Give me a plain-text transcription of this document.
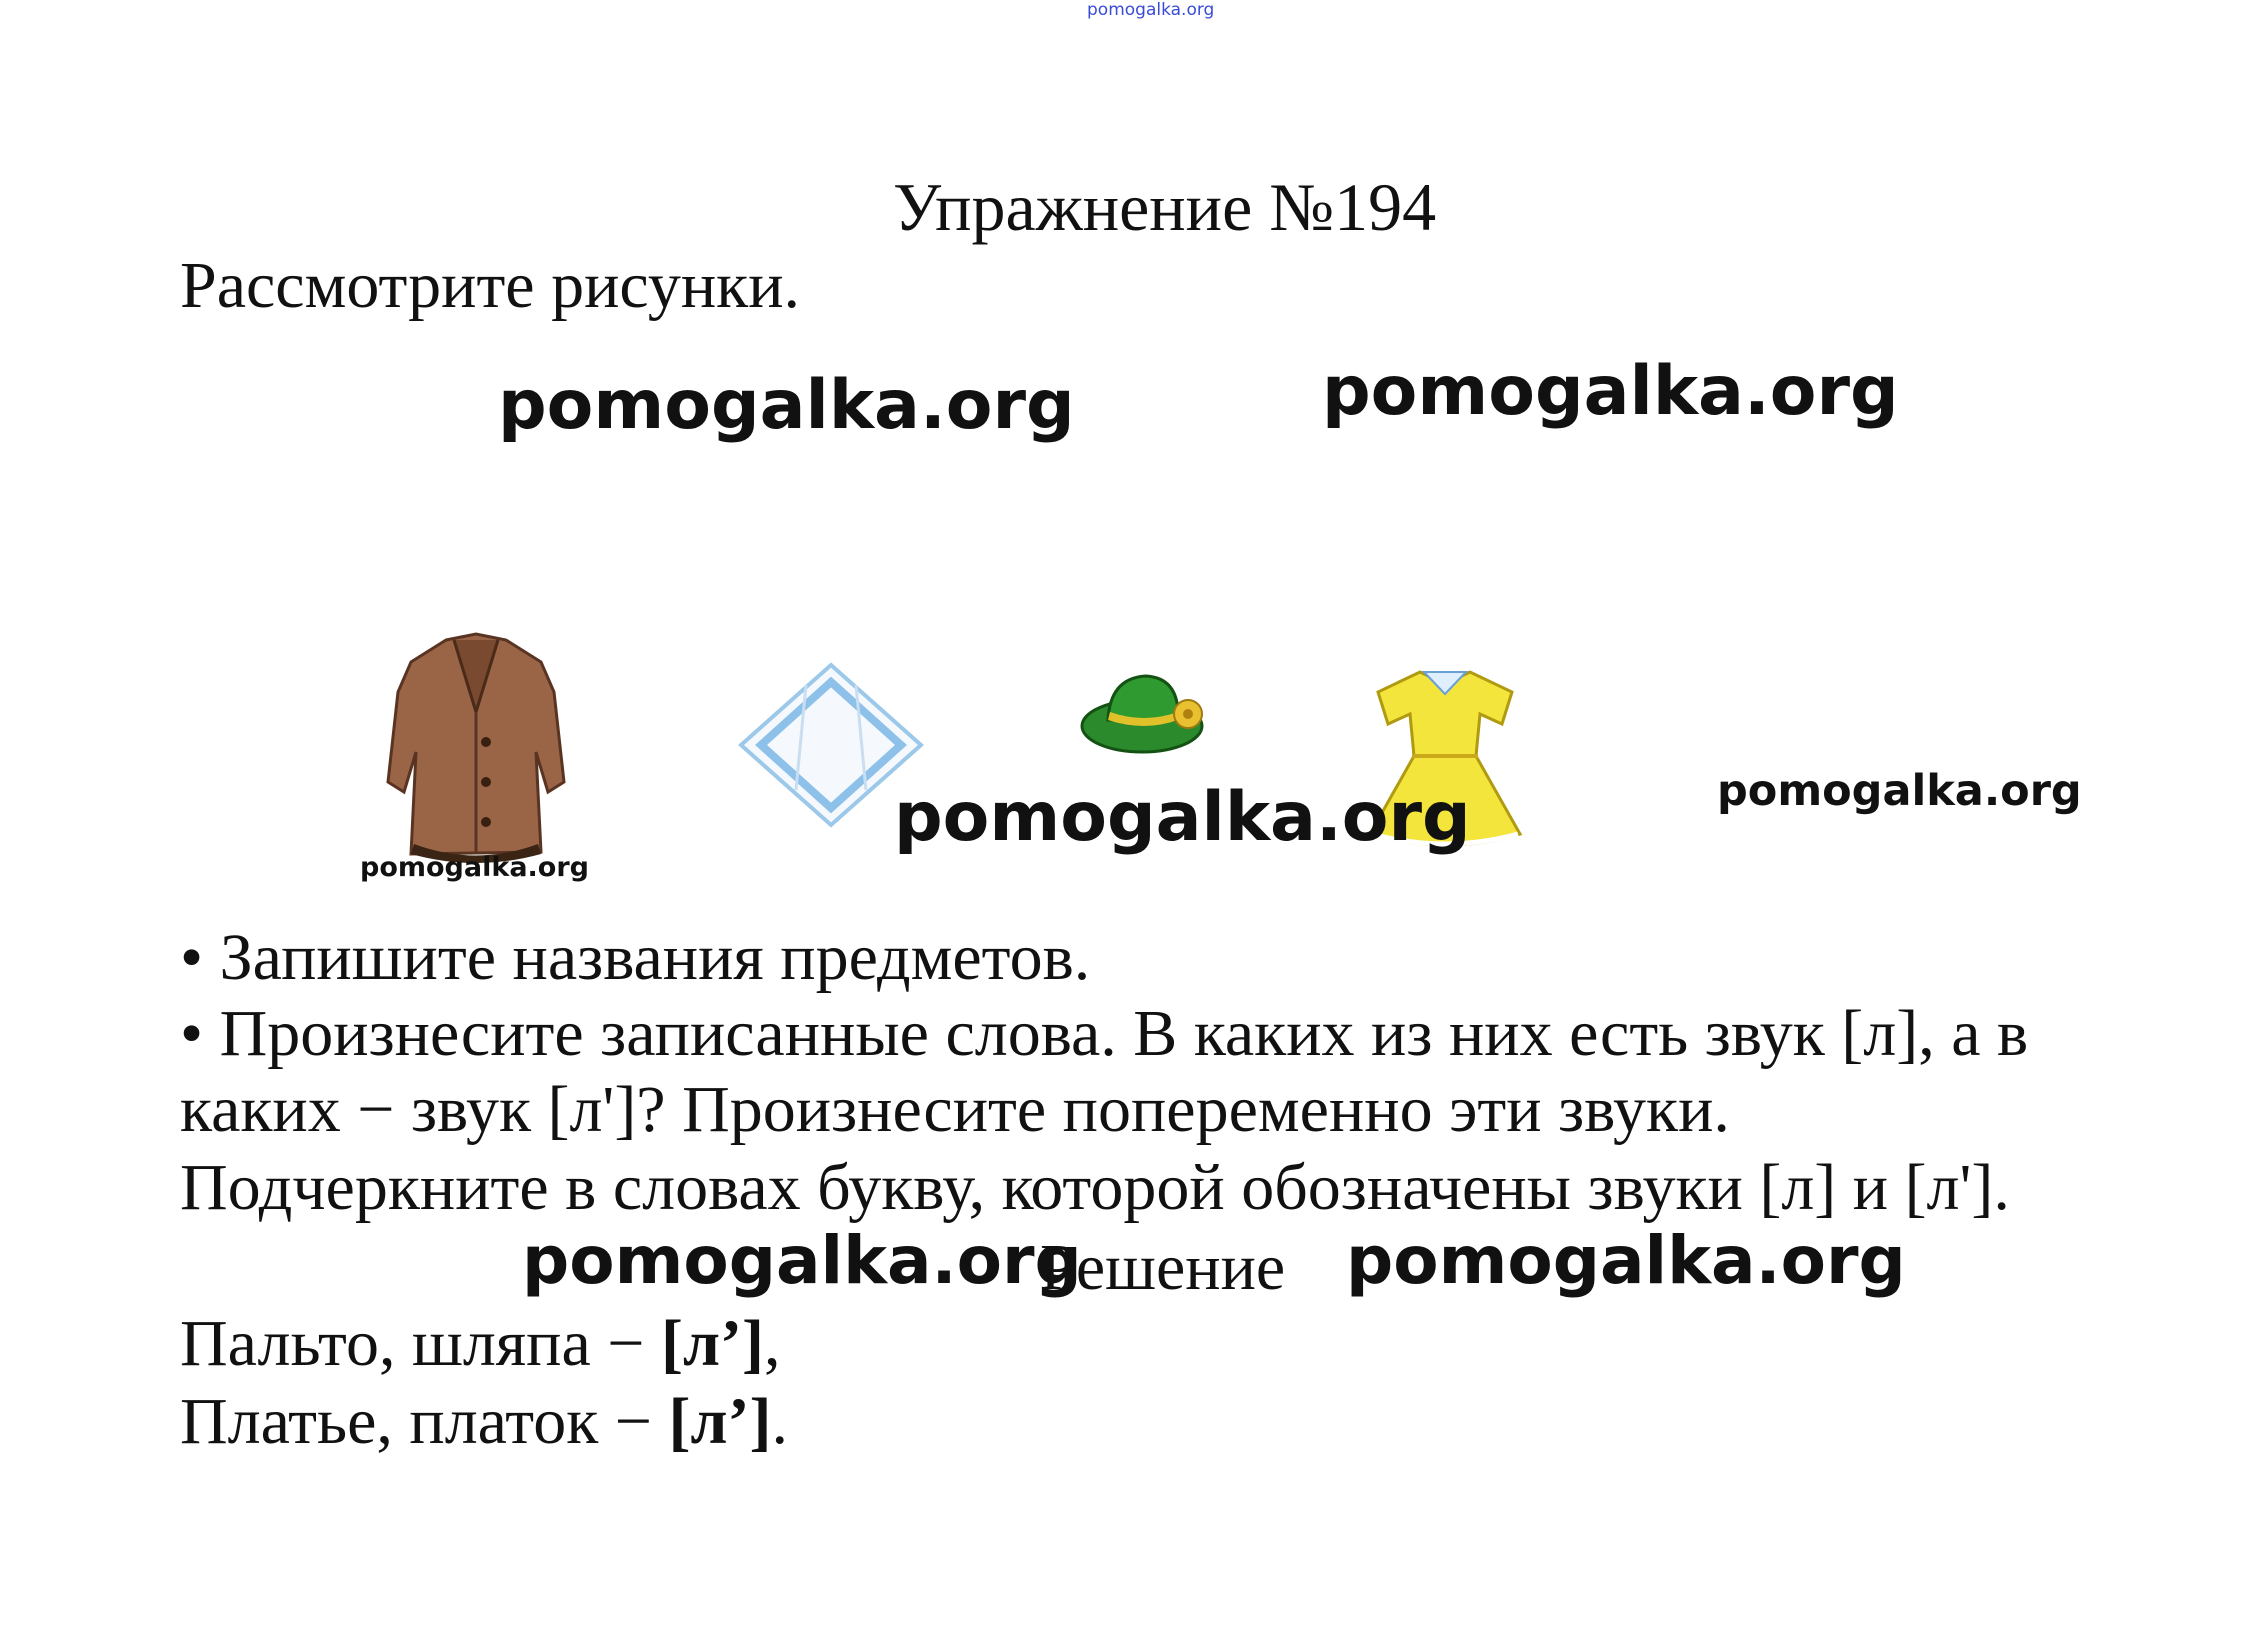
pomogalka.org
Упражнение №194
Рассмотрите рисунки.
pomogalka.org	pomogalka.org
pomogalka.org
pomogalka.org	pomogalka.org
• Запишите названия предметов.
• Произнесите записанные слова. В каких из них есть звук [л], а в
каких − звук [л']? Произнесите попеременно эти звуки.
Подчеркните в словах букву, которой обозначены звуки [л] и [л'].
pomogalka.org
Решение pomogalka.org
Пальто, шляпа − [л’],
Платье, платок − [л’].
